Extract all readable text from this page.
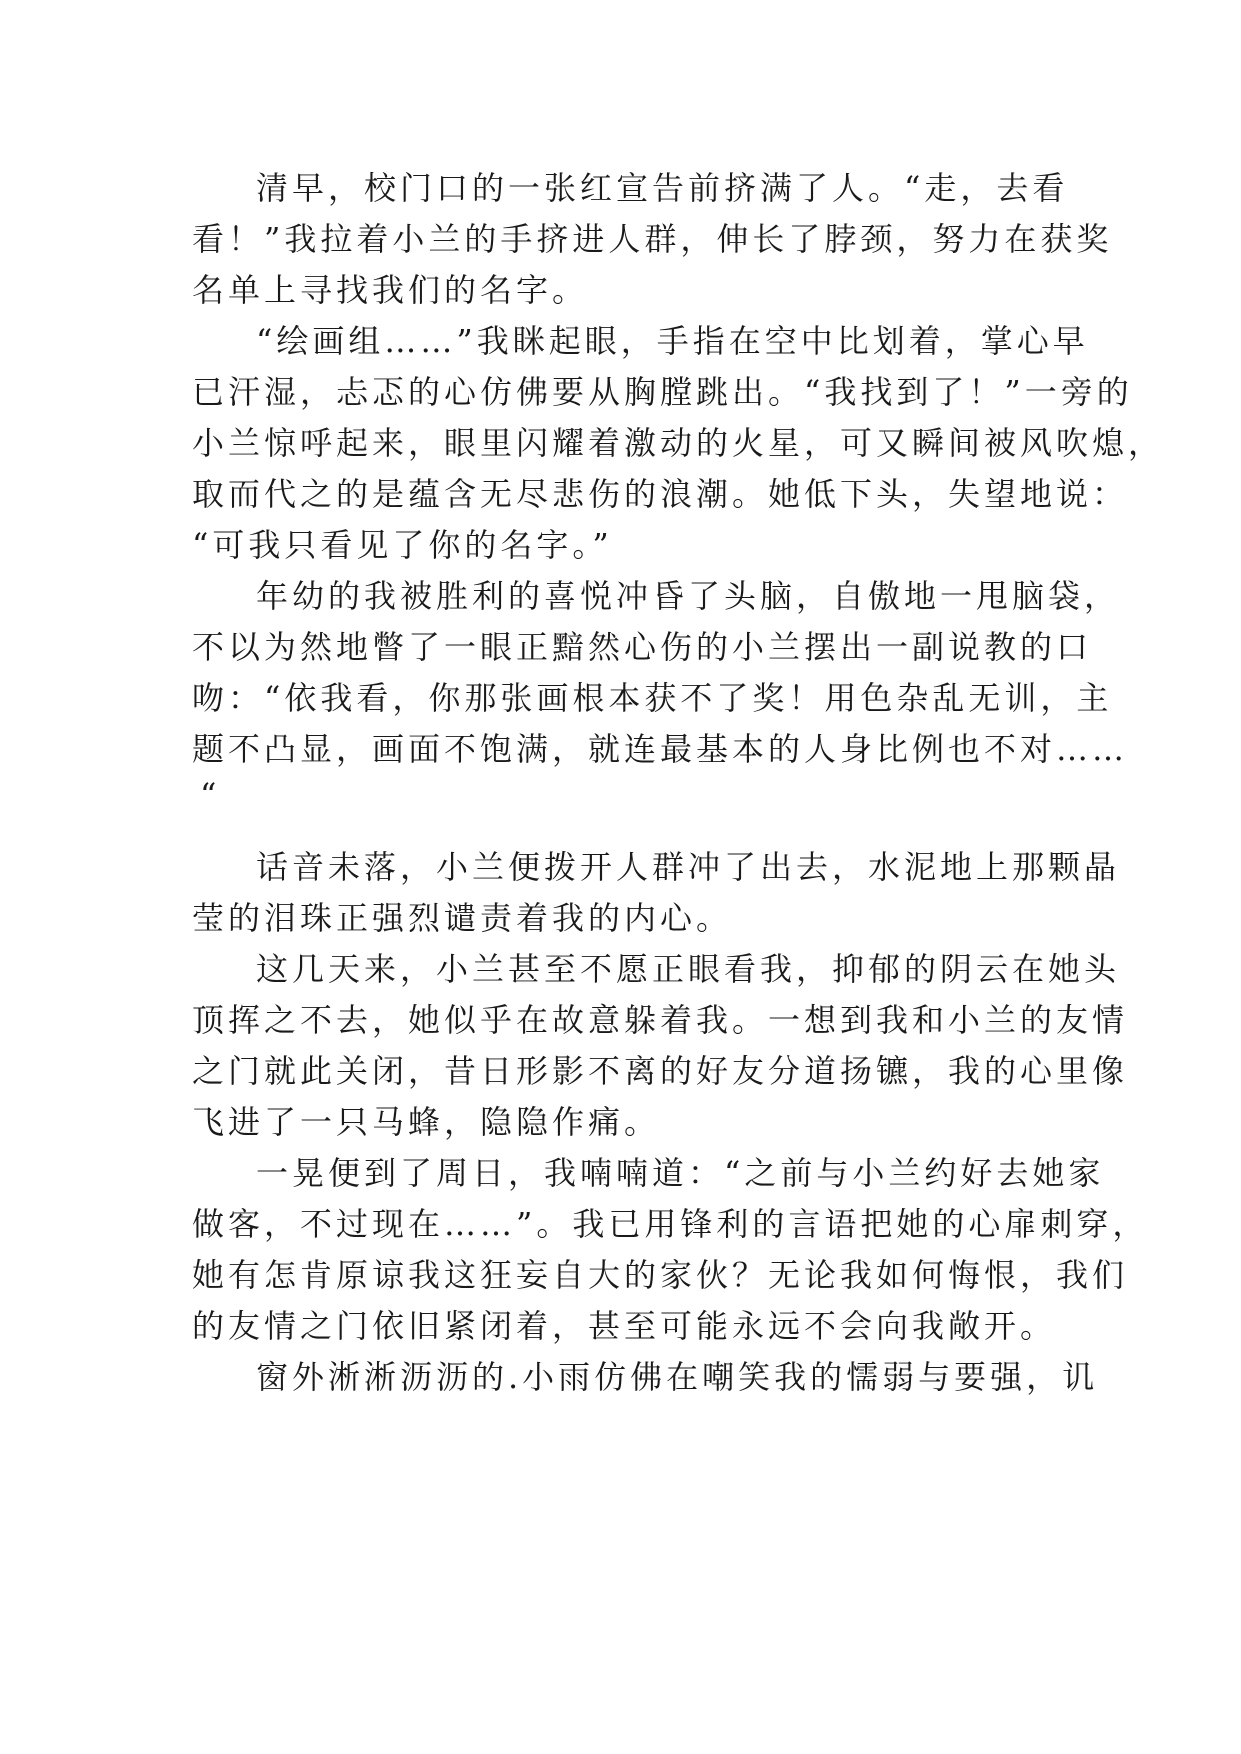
清早，校门口的一张红宣告前挤满了人。“走，去看
看！”我拉着小兰的手挤进人群，伸长了脖颈，努力在获奖
名单上寻找我们的名字。
“绘画组……”我眯起眼，手指在空中比划着，掌心早
已汗湿，忐忑的心仿佛要从胸膛跳出。“我找到了！”一旁的
小兰惊呼起来，眼里闪耀着激动的火星，可又瞬间被风吹熄，
取而代之的是蕴含无尽悲伤的浪潮。她低下头，失望地说：
“可我只看见了你的名字。”
年幼的我被胜利的喜悦冲昏了头脑，自傲地一甩脑袋，
不以为然地瞥了一眼正黯然心伤的小兰摆出一副说教的口
吻：“依我看，你那张画根本获不了奖！用色杂乱无训，主
题不凸显，画面不饱满，就连最基本的人身比例也不对……
“
话音未落，小兰便拨开人群冲了出去，水泥地上那颗晶
莹的泪珠正强烈谴责着我的内心。
这几天来，小兰甚至不愿正眼看我，抑郁的阴云在她头
顶挥之不去，她似乎在故意躲着我。一想到我和小兰的友情
之门就此关闭，昔日形影不离的好友分道扬镳，我的心里像
飞进了一只马蜂，隐隐作痛。
一晃便到了周日，我喃喃道：“之前与小兰约好去她家
做客，不过现在……”。我已用锋利的言语把她的心扉刺穿，
她有怎肯原谅我这狂妄自大的家伙？无论我如何悔恨，我们
的友情之门依旧紧闭着，甚至可能永远不会向我敞开。
窗外淅淅沥沥的.小雨仿佛在嘲笑我的懦弱与要强，讥
